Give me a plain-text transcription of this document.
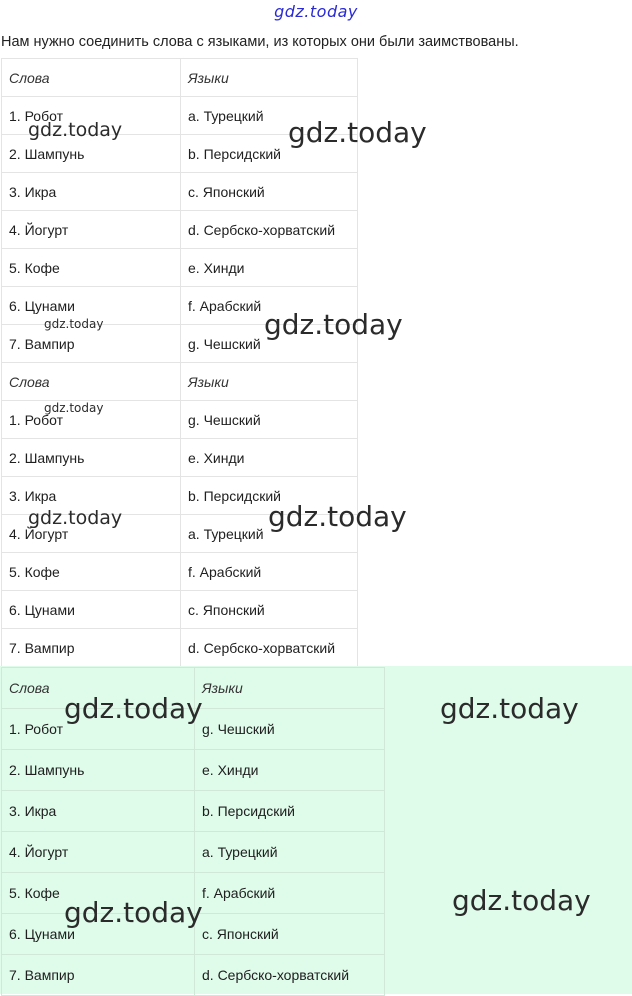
gdz.today
Нам нужно соединить слова с языками, из которых они были заимствованы.
Слова	Языки
1. Робот	a. Турецкий
2. Шампунь	b. Персидский
3. Икра	c. Японский
4. Йогурт	d. Сербско-хорватский
5. Кофе	e. Хинди
6. Цунами	f. Арабский
7. Вампир	g. Чешский
Слова	Языки
1. Робот	g. Чешский
2. Шампунь	e. Хинди
3. Икра	b. Персидский
4. Йогурт	a. Турецкий
5. Кофе	f. Арабский
6. Цунами	c. Японский
7. Вампир	d. Сербско-хорватский
Слова	Языки
1. Робот	g. Чешский
2. Шампунь	e. Хинди
3. Икра	b. Персидский
4. Йогурт	a. Турецкий
5. Кофе	f. Арабский
6. Цунами	c. Японский
7. Вампир	d. Сербско-хорватский
gdz.today	gdz.today
gdz.today	gdz.today
gdz.today
gdz.today	gdz.today
gdz.today	gdz.today
gdz.today	gdz.today
